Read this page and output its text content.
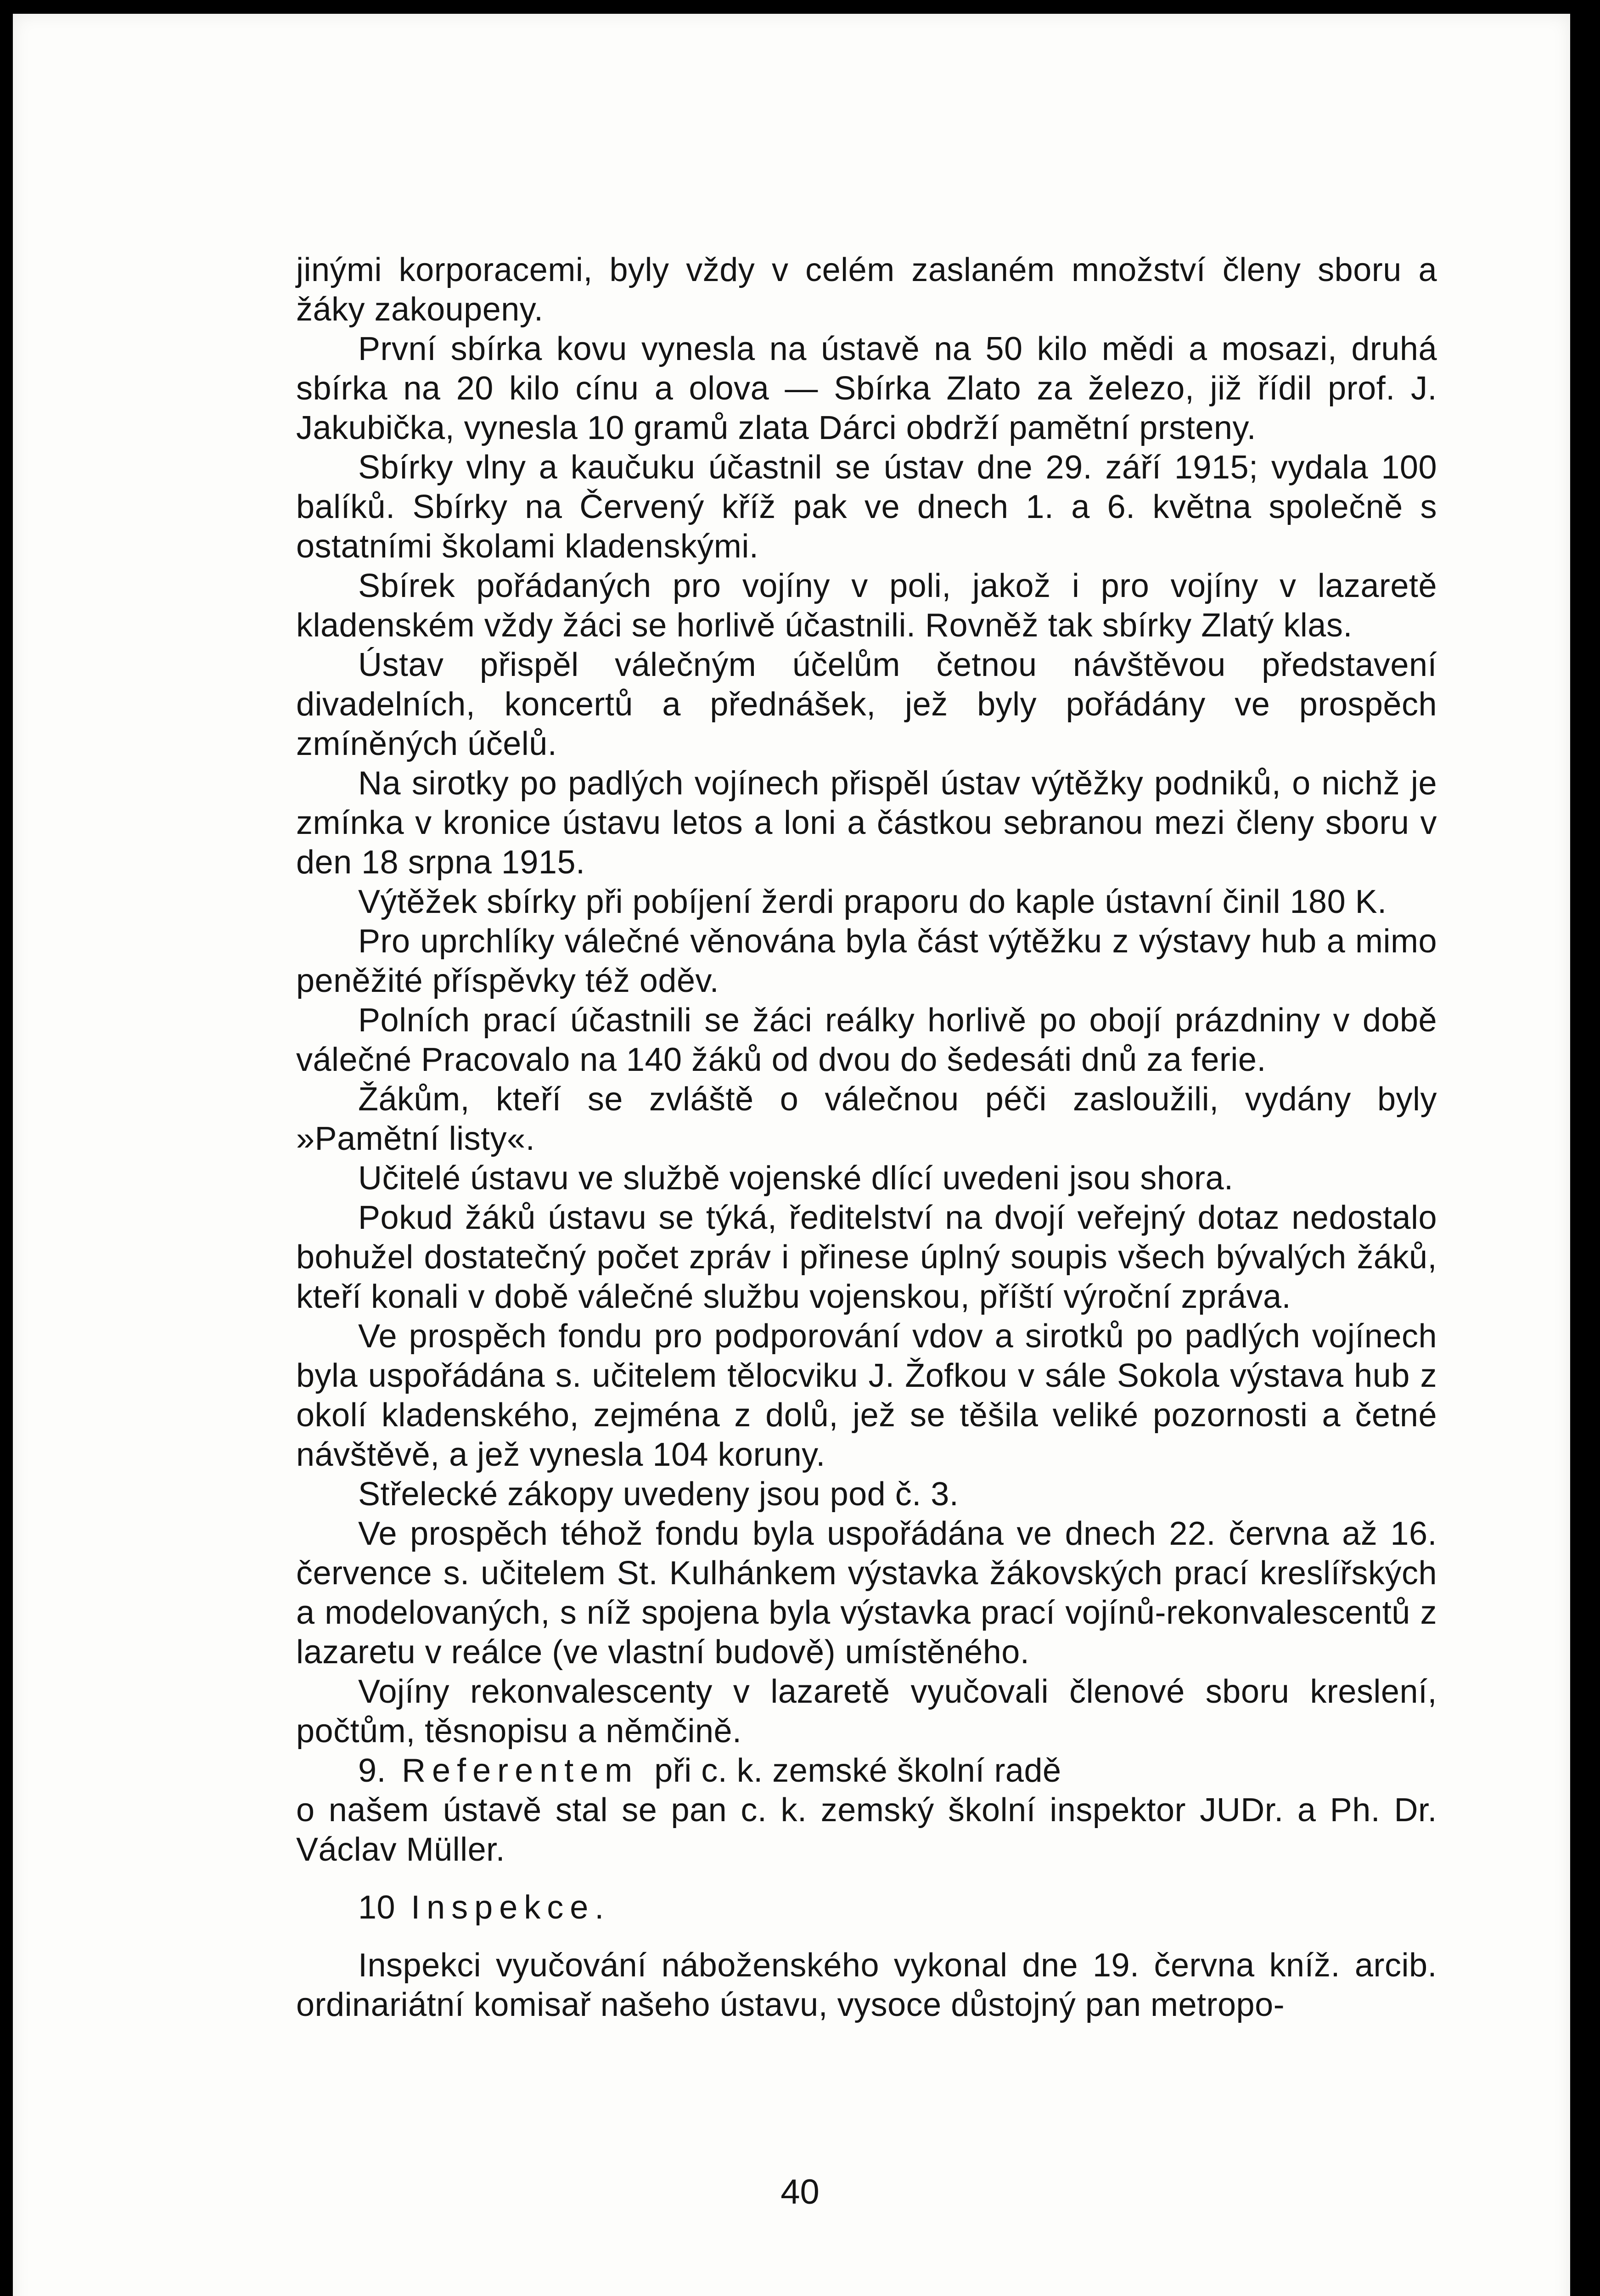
jinými korporacemi, byly vždy v celém zaslaném množství členy sboru a žáky zakoupeny.

První sbírka kovu vynesla na ústavě na 50 kilo mědi a mosazi, druhá sbírka na 20 kilo cínu a olova — Sbírka Zlato za železo, již řídil prof. J. Jakubička, vynesla 10 gramů zlata Dárci obdrží pamětní prsteny.

Sbírky vlny a kaučuku účastnil se ústav dne 29. září 1915; vydala 100 balíků. Sbírky na Červený kříž pak ve dnech 1. a 6. května společně s ostatními školami kladenskými.

Sbírek pořádaných pro vojíny v poli, jakož i pro vojíny v lazaretě kladenském vždy žáci se horlivě účastnili. Rovněž tak sbírky Zlatý klas.

Ústav přispěl válečným účelům četnou návštěvou představení divadelních, koncertů a přednášek, jež byly pořádány ve prospěch zmíněných účelů.

Na sirotky po padlých vojínech přispěl ústav výtěžky podniků, o nichž je zmínka v kronice ústavu letos a loni a částkou sebranou mezi členy sboru v den 18 srpna 1915.

Výtěžek sbírky při pobíjení žerdi praporu do kaple ústavní činil 180 K.

Pro uprchlíky válečné věnována byla část výtěžku z výstavy hub a mimo peněžité příspěvky též oděv.

Polních prací účastnili se žáci reálky horlivě po obojí prázdniny v době válečné Pracovalo na 140 žáků od dvou do šedesáti dnů za ferie.

Žákům, kteří se zvláště o válečnou péči zasloužili, vydány byly »Pamětní listy«.

Učitelé ústavu ve službě vojenské dlící uvedeni jsou shora.

Pokud žáků ústavu se týká, ředitelství na dvojí veřejný dotaz nedostalo bohužel dostatečný počet zpráv i přinese úplný soupis všech bývalých žáků, kteří konali v době válečné službu vojenskou, příští výroční zpráva.

Ve prospěch fondu pro podporování vdov a sirotků po padlých vojínech byla uspořádána s. učitelem tělocviku J. Žofkou v sále Sokola výstava hub z okolí kladenského, zejména z dolů, jež se těšila veliké pozornosti a četné návštěvě, a jež vynesla 104 koruny.

Střelecké zákopy uvedeny jsou pod č. 3.

Ve prospěch téhož fondu byla uspořádána ve dnech 22. června až 16. července s. učitelem St. Kulhánkem výstavka žákovských prací kreslířských a modelovaných, s níž spojena byla výstavka prací vojínů-rekonvalescentů z lazaretu v reálce (ve vlastní budově) umístěného.

Vojíny rekonvalescenty v lazaretě vyučovali členové sboru kreslení, počtům, těsnopisu a němčině.

9. Referentem při c. k. zemské školní radě

o našem ústavě stal se pan c. k. zemský školní inspektor JUDr. a Ph. Dr. Václav Müller.

10 Inspekce.

Inspekci vyučování náboženského vykonal dne 19. června kníž. arcib. ordinariátní komisař našeho ústavu, vysoce důstojný pan metropo-

40
